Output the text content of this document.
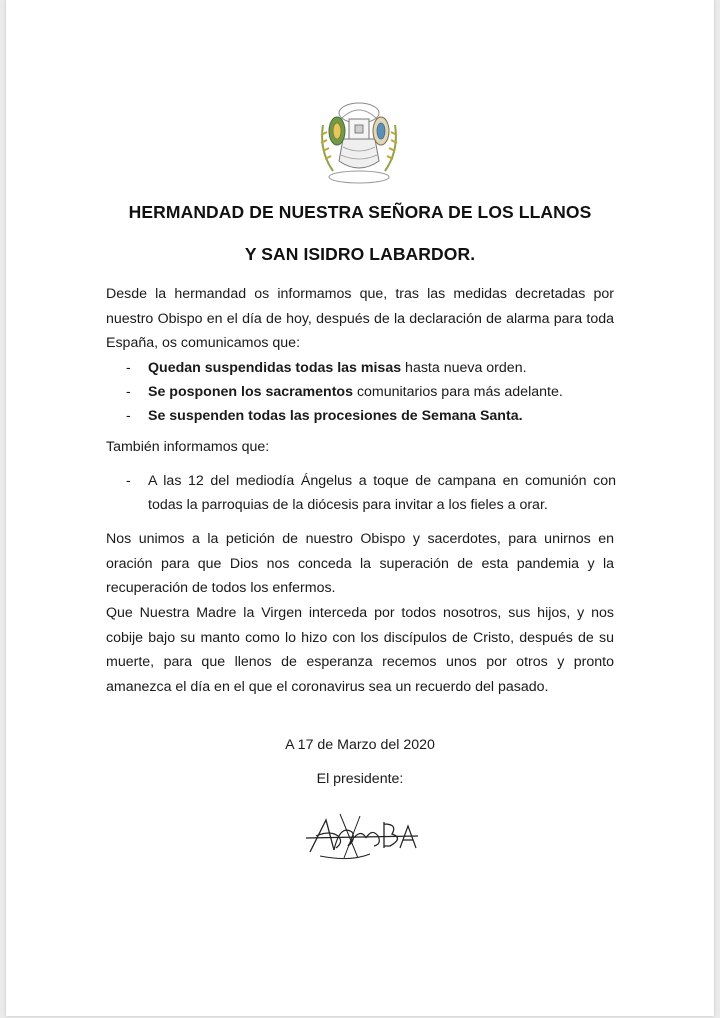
HERMANDAD DE NUESTRA SEÑORA DE LOS LLANOS
Y SAN ISIDRO LABARDOR.

Desde la hermandad os informamos que, tras las medidas decretadas por nuestro Obispo en el día de hoy, después de la declaración de alarma para toda España, os comunicamos que:

- Quedan suspendidas todas las misas hasta nueva orden.
- Se posponen los sacramentos comunitarios para más adelante.
- Se suspenden todas las procesiones de Semana Santa.

También informamos que:

- A las 12 del mediodía Ángelus a toque de campana en comunión con todas la parroquias de la diócesis para invitar a los fieles a orar.

Nos unimos a la petición de nuestro Obispo y sacerdotes, para unirnos en oración para que Dios nos conceda la superación de esta pandemia y la recuperación de todos los enfermos.

Que Nuestra Madre la Virgen interceda por todos nosotros, sus hijos, y nos cobije bajo su manto como lo hizo con los discípulos de Cristo, después de su muerte, para que llenos de esperanza recemos unos por otros y pronto amanezca el día en el que el coronavirus sea un recuerdo del pasado.

A 17 de Marzo del 2020

El presidente:
